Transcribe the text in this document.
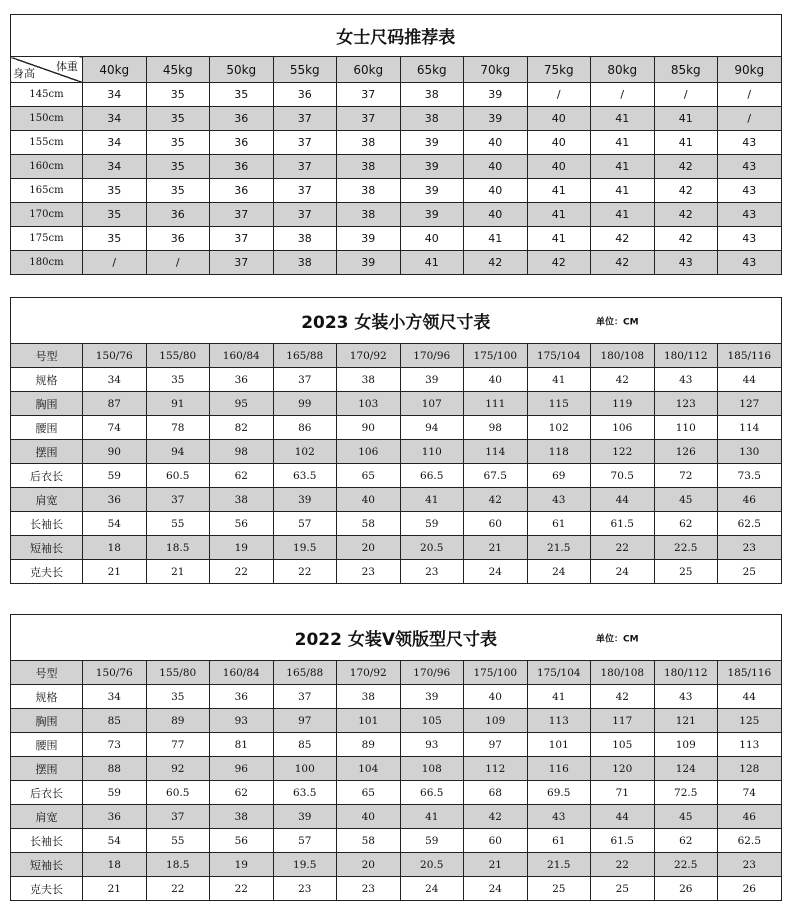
女士尺码推荐表											

体重
身高	40kg	45kg	50kg	55kg	60kg	65kg	70kg	75kg	80kg	85kg	90kg
145cm	34	35	35	36	37	38	39	/	/	/	/
150cm	34	35	36	37	37	38	39	40	41	41	/
155cm	34	35	36	37	38	39	40	40	41	41	43
160cm	34	35	36	37	38	39	40	40	41	42	43
165cm	35	35	36	37	38	39	40	41	41	42	43
170cm	35	36	37	37	38	39	40	41	41	42	43
175cm	35	36	37	38	39	40	41	41	42	42	43
180cm	/	/	37	38	39	41	42	42	42	43	43
2023 女装小方领尺寸表 单位：CM											

号型	150/76	155/80	160/84	165/88	170/92	170/96	175/100	175/104	180/108	180/112	185/116
规格	34	35	36	37	38	39	40	41	42	43	44
胸围	87	91	95	99	103	107	111	115	119	123	127
腰围	74	78	82	86	90	94	98	102	106	110	114
摆围	90	94	98	102	106	110	114	118	122	126	130
后衣长	59	60.5	62	63.5	65	66.5	67.5	69	70.5	72	73.5
肩宽	36	37	38	39	40	41	42	43	44	45	46
长袖长	54	55	56	57	58	59	60	61	61.5	62	62.5
短袖长	18	18.5	19	19.5	20	20.5	21	21.5	22	22.5	23
克夫长	21	21	22	22	23	23	24	24	24	25	25
2022 女装V领版型尺寸表 单位：CM											

号型	150/76	155/80	160/84	165/88	170/92	170/96	175/100	175/104	180/108	180/112	185/116
规格	34	35	36	37	38	39	40	41	42	43	44
胸围	85	89	93	97	101	105	109	113	117	121	125
腰围	73	77	81	85	89	93	97	101	105	109	113
摆围	88	92	96	100	104	108	112	116	120	124	128
后衣长	59	60.5	62	63.5	65	66.5	68	69.5	71	72.5	74
肩宽	36	37	38	39	40	41	42	43	44	45	46
长袖长	54	55	56	57	58	59	60	61	61.5	62	62.5
短袖长	18	18.5	19	19.5	20	20.5	21	21.5	22	22.5	23
克夫长	21	22	22	23	23	24	24	25	25	26	26
